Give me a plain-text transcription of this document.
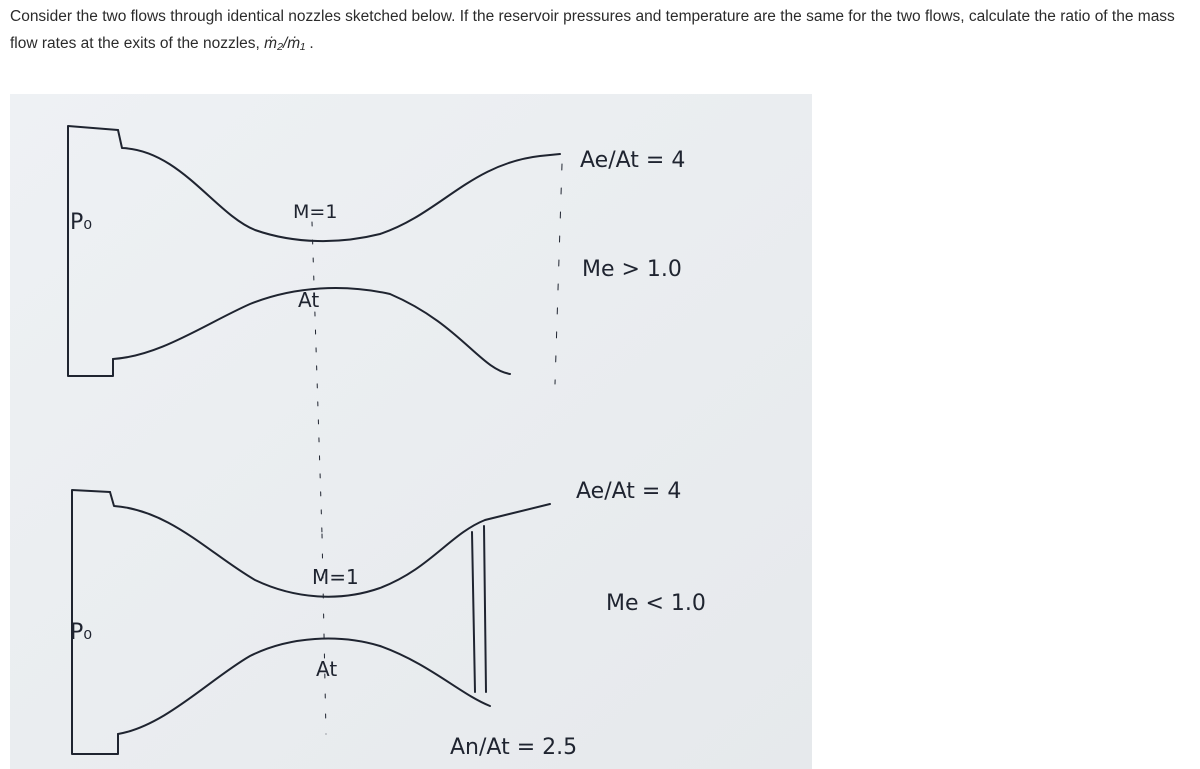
Consider the two flows through identical nozzles sketched below. If the reservoir pressures and temperature are the same for the two flows, calculate the ratio of the mass flow rates at the exits of the nozzles, ṁ₂/ṁ₁ .
P₀	M=1
At
Ae/At = 4
Me > 1.0
P₀
M=1
At
Ae/At = 4
Me < 1.0
An/At = 2.5
